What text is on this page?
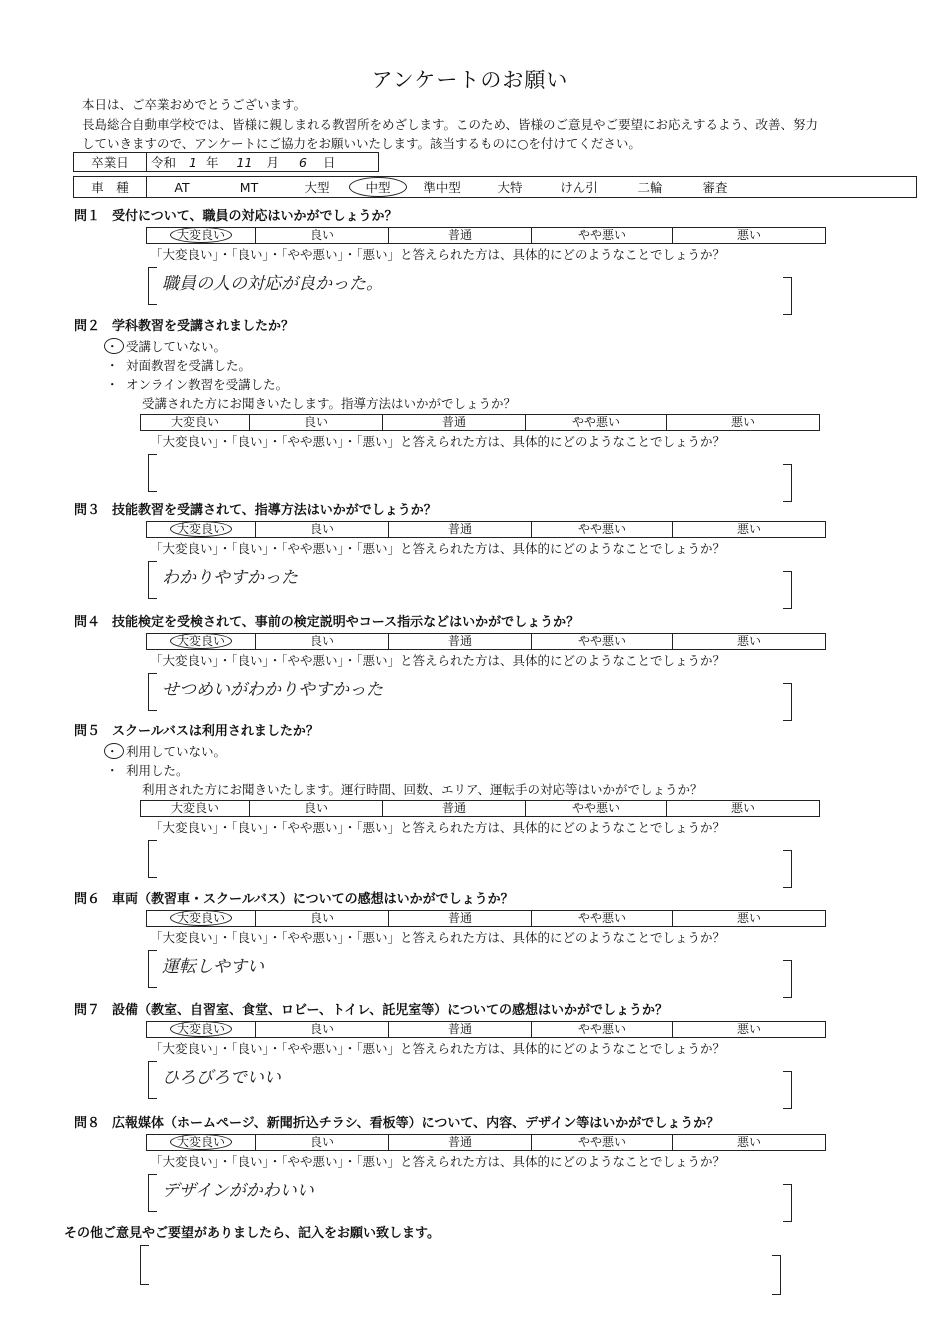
アンケートのお願い
本日は、ご卒業おめでとうございます。
長島総合自動車学校では、皆様に親しまれる教習所をめざします。このため、皆様のご意見やご要望にお応えするよう、改善、努力
していきますので、アンケートにご協力をお願いいたします。該当するものに○を付けてください。
卒業日	令和 1 年 11 月 6 日
車　種	AT	MT	大型	中型	準中型	大特	けん引	二輪	審査
問１ 受付について、職員の対応はいかがでしょうか？
大変良い	良い	普通	やや悪い	悪い
「大変良い」・「良い」・「やや悪い」・「悪い」と答えられた方は、具体的にどのようなことでしょうか？
職員の人の対応が良かった。
問２ 学科教習を受講されましたか？
・ 受講していない。
・ 対面教習を受講した。
・ オンライン教習を受講した。
受講された方にお聞きいたします。指導方法はいかがでしょうか？
大変良い	良い	普通	やや悪い	悪い
「大変良い」・「良い」・「やや悪い」・「悪い」と答えられた方は、具体的にどのようなことでしょうか？
問３ 技能教習を受講されて、指導方法はいかがでしょうか？
大変良い	良い	普通	やや悪い	悪い
「大変良い」・「良い」・「やや悪い」・「悪い」と答えられた方は、具体的にどのようなことでしょうか？
わかりやすかった
問４ 技能検定を受検されて、事前の検定説明やコース指示などはいかがでしょうか？
大変良い	良い	普通	やや悪い	悪い
「大変良い」・「良い」・「やや悪い」・「悪い」と答えられた方は、具体的にどのようなことでしょうか？
せつめいがわかりやすかった
問５ スクールバスは利用されましたか？
・ 利用していない。
・ 利用した。
利用された方にお聞きいたします。運行時間、回数、エリア、運転手の対応等はいかがでしょうか？
大変良い	良い	普通	やや悪い	悪い
「大変良い」・「良い」・「やや悪い」・「悪い」と答えられた方は、具体的にどのようなことでしょうか？
問６ 車両（教習車・スクールバス）についての感想はいかがでしょうか？
大変良い	良い	普通	やや悪い	悪い
「大変良い」・「良い」・「やや悪い」・「悪い」と答えられた方は、具体的にどのようなことでしょうか？
運転しやすい
問７ 設備（教室、自習室、食堂、ロビー、トイレ、託児室等）についての感想はいかがでしょうか？
大変良い	良い	普通	やや悪い	悪い
「大変良い」・「良い」・「やや悪い」・「悪い」と答えられた方は、具体的にどのようなことでしょうか？
ひろびろでいい
問８ 広報媒体（ホームページ、新聞折込チラシ、看板等）について、内容、デザイン等はいかがでしょうか？
大変良い	良い	普通	やや悪い	悪い
「大変良い」・「良い」・「やや悪い」・「悪い」と答えられた方は、具体的にどのようなことでしょうか？
デザインがかわいい
その他ご意見やご要望がありましたら、記入をお願い致します。
